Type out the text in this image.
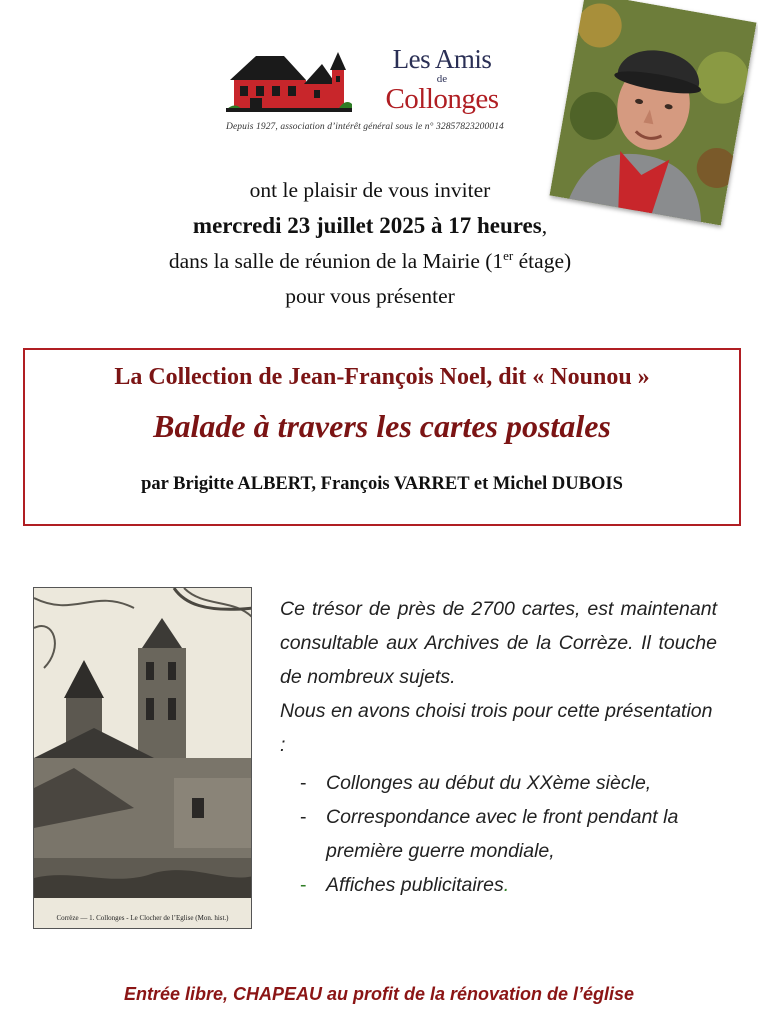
Les Amis
de
Collonges
Depuis 1927, association d’intérêt général sous le n° 32857823200014
ont le plaisir de vous inviter
mercredi 23 juillet 2025 à 17 heures,
dans la salle de réunion de la Mairie (1er étage)
pour vous présenter
La Collection de Jean-François Noel, dit « Nounou »
Balade à travers les cartes postales
par Brigitte ALBERT, François VARRET et Michel DUBOIS
Corrèze — 1. Collonges - Le Clocher de l’Eglise (Mon. hist.)

Ce trésor de près de 2700 cartes, est maintenant consultable aux Archives de la Corrèze. Il touche de nombreux sujets.

Nous en avons choisi trois pour cette présentation :

- Collonges au début du XXème siècle,
- Correspondance avec le front pendant la première guerre mondiale,
- Affiches publicitaires.
Entrée libre, CHAPEAU au profit de la rénovation de l’église
